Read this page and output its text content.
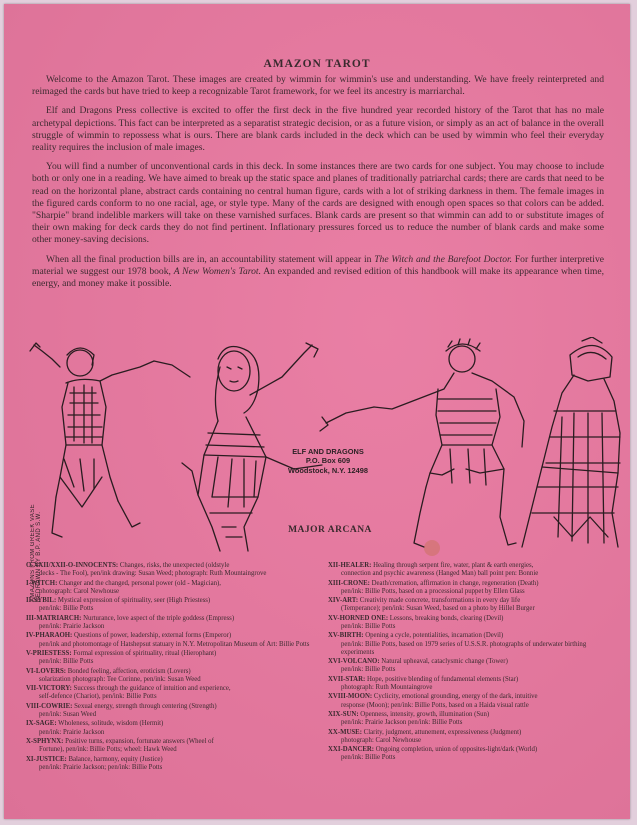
AMAZON TAROT

Welcome to the Amazon Tarot. These images are created by wimmin for wimmin's use and understanding. We have freely reinterpreted and reimaged the cards but have tried to keep a recognizable Tarot framework, for we feel its ancestry is marriarchal.

Elf and Dragons Press collective is excited to offer the first deck in the five hundred year recorded history of the Tarot that has no male archetypal depictions. This fact can be interpreted as a separatist strategic decision, or as a future vision, or simply as an act of balance in the overall struggle of wimmin to repossess what is ours. There are blank cards included in the deck which can be used by wimmin who feel their everyday reality requires the inclusion of male images.

You will find a number of unconventional cards in this deck. In some instances there are two cards for one subject. You may choose to include both or only one in a reading. We have aimed to break up the static space and planes of traditionally patriarchal cards; there are cards that need to be read on the horizontal plane, abstract cards containing no central human figure, cards with a lot of striking darkness in them. The female images in the figured cards conform to no one racial, age, or style type. Many of the cards are designed with enough open spaces so that colors can be added. "Sharpie" brand indelible markers will take on these varnished surfaces. Blank cards are present so that wimmin can add to or substitute images of their own making for deck cards they do not find pertinent. Inflationary pressures forced us to reduce the number of blank cards and make some other money-saving decisions.

When all the final production bills are in, an accountability statement will appear in The Witch and the Barefoot Doctor. For further interpretive material we suggest our 1978 book, A New Women's Tarot. An expanded and revised edition of this handbook will make its appearance when time, energy, and money make it possible.

ELF AND DRAGONS
P.O. Box 609
Woodstock, N.Y. 12498
AMAZONS FROM GREEK VASE REDRAWN BY B.P. AND S.W.	MAJOR ARCANA
O-XXII/XXII-O-INNOCENTS: Changes, risks, the unexpected (oldstyle
decks - The Fool), pen/ink drawing: Susan Weed; photograph: Ruth Mountaingrove
I-WITCH: Changer and the changed, personal power (old - Magician),
photograph: Carol Newhouse
II-SYBIL: Mystical expression of spirituality, seer (High Priestess)
pen/ink: Billie Potts
III-MATRIARCH: Nurturance, love aspect of the triple goddess (Empress)
pen/ink: Prairie Jackson
IV-PHARAOH: Questions of power, leadership, external forms (Emperor)
pen/ink and photomontage of Hatshepsut statuary in N.Y. Metropolitan Museum of Art: Billie Potts
V-PRIESTESS: Formal expression of spirituality, ritual (Hierophant)
pen/ink: Billie Potts
VI-LOVERS: Bonded feeling, affection, eroticism (Lovers)
solarization photograph: Tee Corinne, pen/ink: Susan Weed
VII-VICTORY: Success through the guidance of intuition and experience,
self-defence (Chariot), pen/ink: Billie Potts
VIII-COWRIE: Sexual energy, strength through centering (Strength)
pen/ink: Susan Weed
IX-SAGE: Wholeness, solitude, wisdom (Hermit)
pen/ink: Prairie Jackson
X-SPHYNX: Positive turns, expansion, fortunate answers (Wheel of
Fortune), pen/ink: Billie Potts; wheel: Hawk Weed
XI-JUSTICE: Balance, harmony, equity (Justice)
pen/ink: Prairie Jackson; pen/ink: Billie Potts
XII-HEALER: Healing through serpent fire, water, plant & earth energies,
connection and psychic awareness (Hanged Man) ball point pen: Bonnie
XIII-CRONE: Death/cremation, affirmation in change, regeneration (Death)
pen/ink: Billie Potts, based on a processional puppet by Ellen Glass
XIV-ART: Creativity made concrete, transformations in every day life
(Temperance); pen/ink: Susan Weed, based on a photo by Hillel Burger
XV-HORNED ONE: Lessons, breaking bonds, clearing (Devil)
pen/ink: Billie Potts
XV-BIRTH: Opening a cycle, potentialities, incarnation (Devil)
pen/ink: Billie Potts, based on 1979 series of U.S.S.R. photographs of underwater birthing experiments
XVI-VOLCANO: Natural upheaval, cataclysmic change (Tower)
pen/ink: Billie Potts
XVII-STAR: Hope, positive blending of fundamental elements (Star)
photograph: Ruth Mountaingrove
XVIII-MOON: Cyclicity, emotional grounding, energy of the dark, intuitive
response (Moon); pen/ink: Billie Potts, based on a Haida visual rattle
XIX-SUN: Openness, intensity, growth, illumination (Sun)
pen/ink: Prairie Jackson pen/ink: Billie Potts
XX-MUSE: Clarity, judgment, attunement, expressiveness (Judgment)
photograph: Carol Newhouse
XXI-DANCER: Ongoing completion, union of opposites-light/dark (World)
pen/ink: Billie Potts
